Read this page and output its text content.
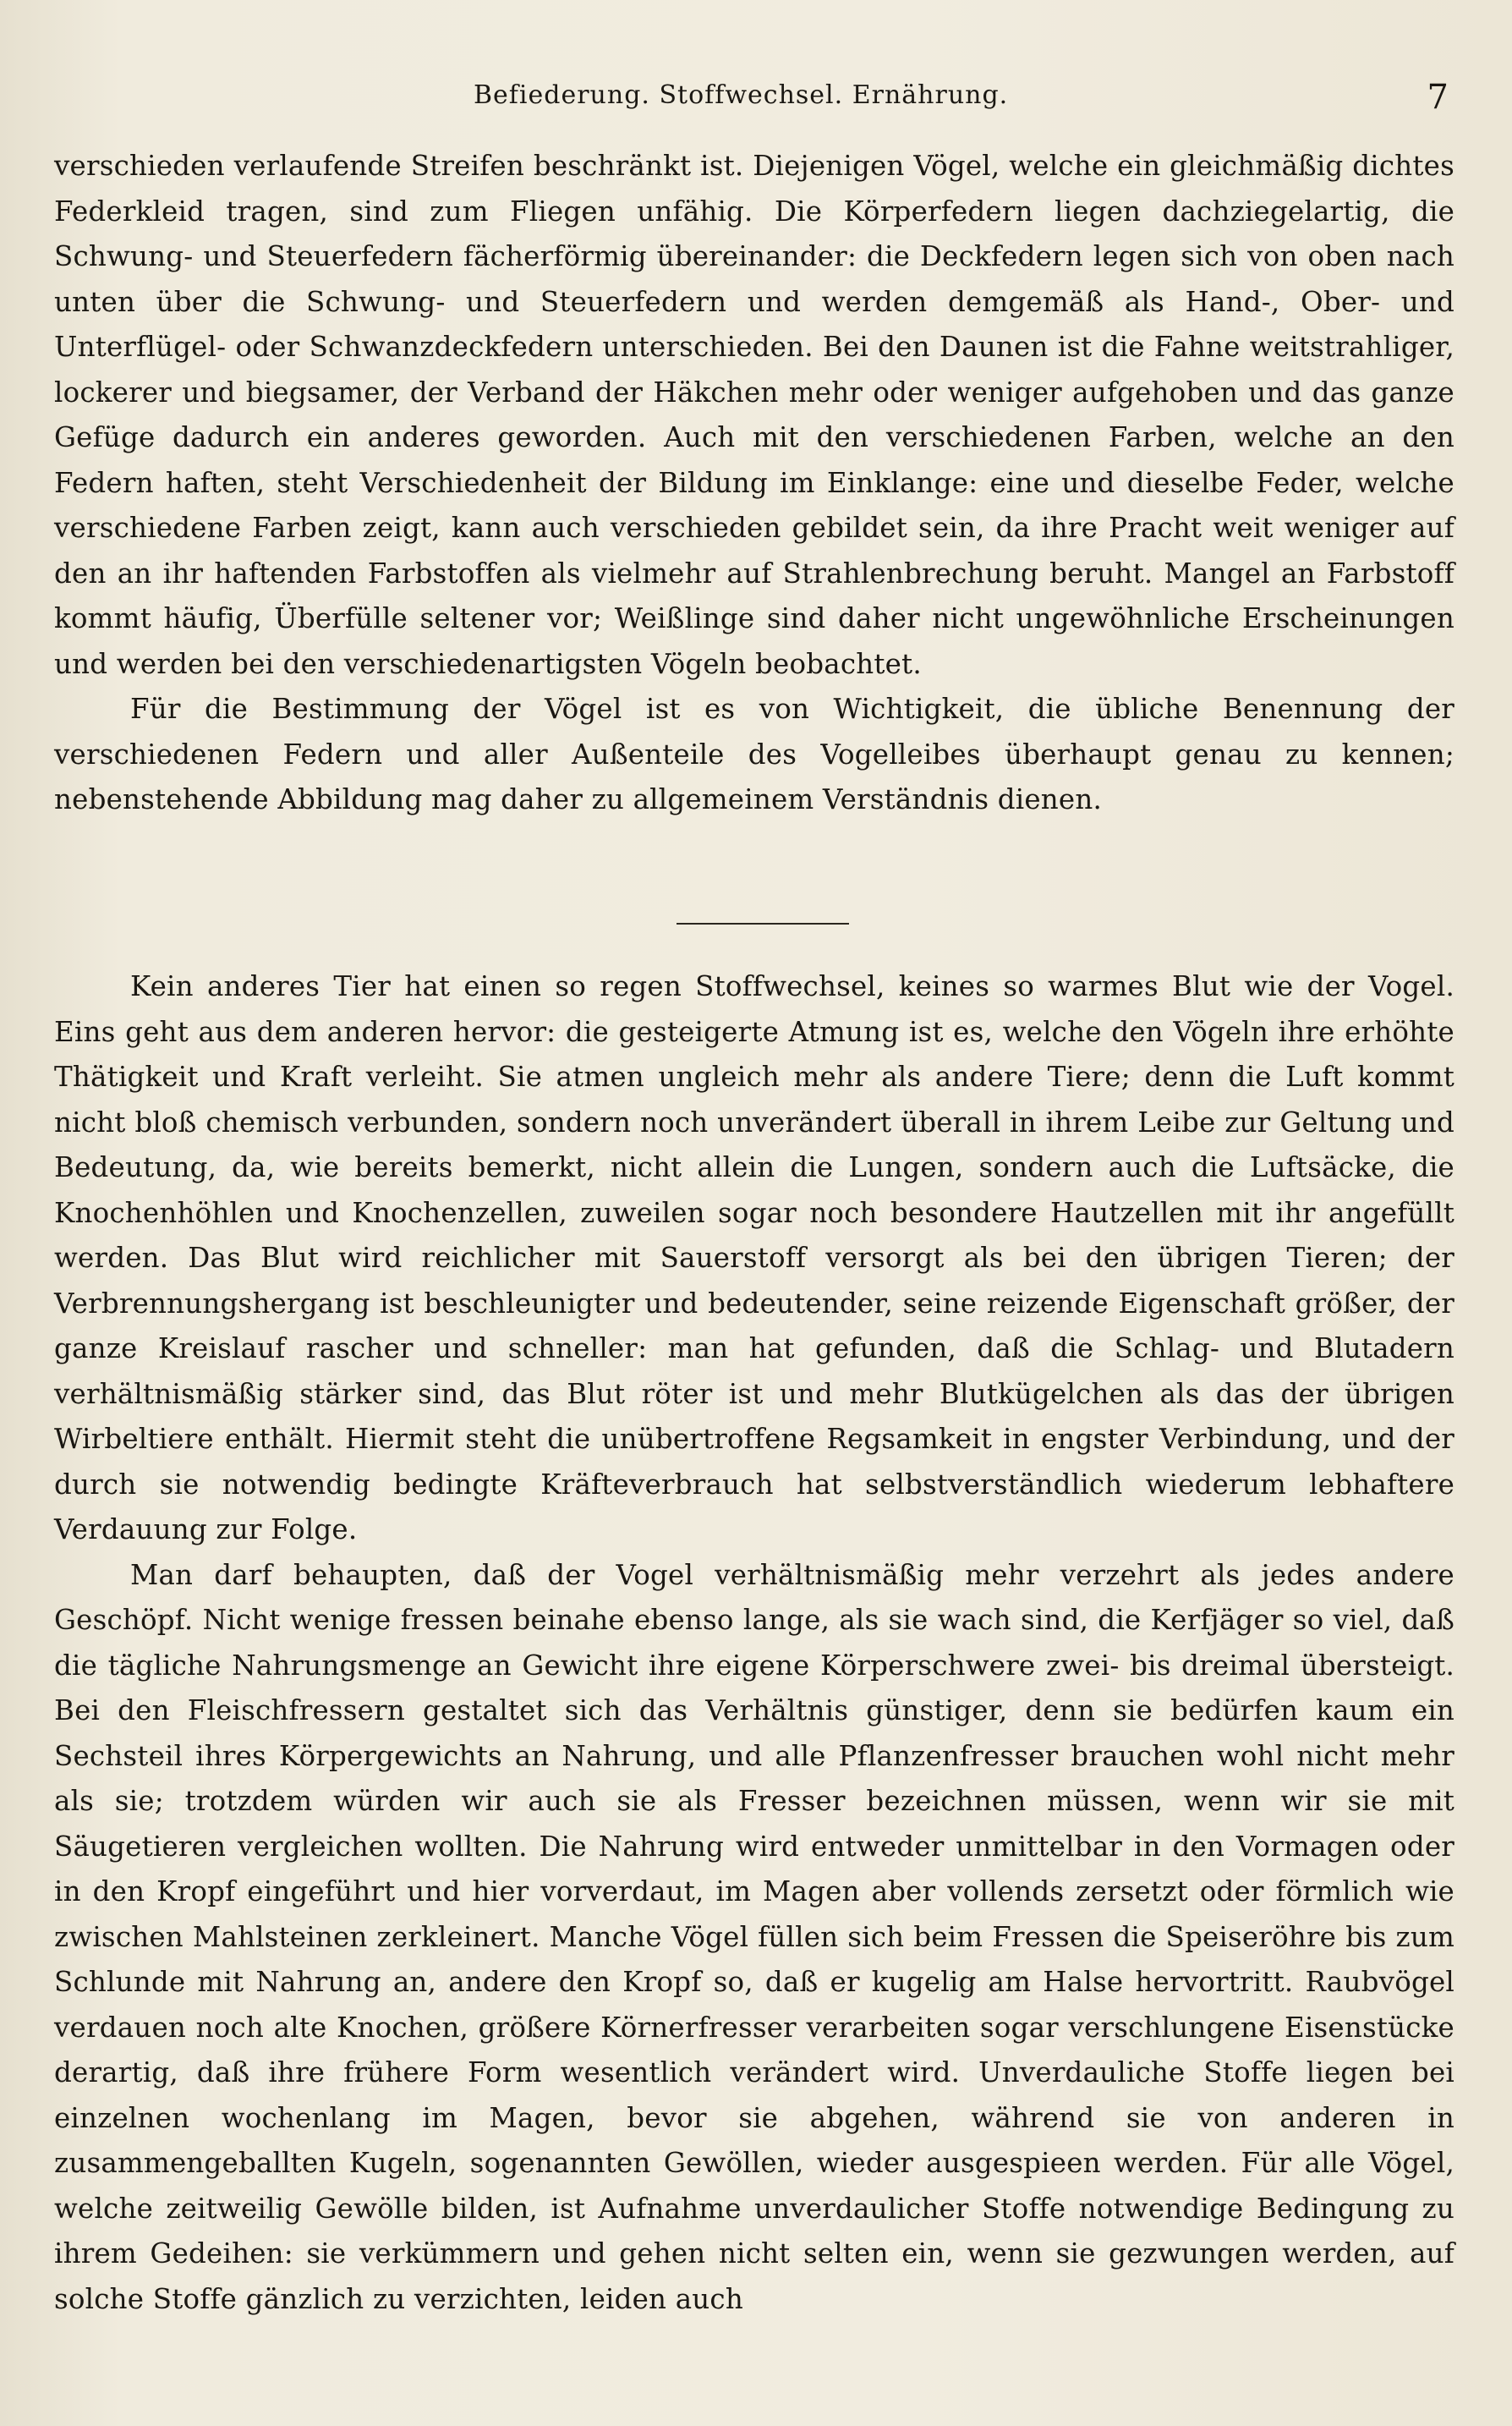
Befiederung. Stoffwechsel. Ernährung.	7

verschieden verlaufende Streifen beschränkt ist. Diejenigen Vögel, welche ein gleichmäßig dichtes Federkleid tragen, sind zum Fliegen unfähig. Die Körperfedern liegen dachziegelartig, die Schwung- und Steuerfedern fächerförmig übereinander: die Deckfedern legen sich von oben nach unten über die Schwung- und Steuerfedern und werden demgemäß als Hand-, Ober- und Unterflügel- oder Schwanzdeckfedern unterschieden. Bei den Daunen ist die Fahne weitstrahliger, lockerer und biegsamer, der Verband der Häkchen mehr oder weniger aufgehoben und das ganze Gefüge dadurch ein anderes geworden. Auch mit den verschiedenen Farben, welche an den Federn haften, steht Verschiedenheit der Bildung im Einklange: eine und dieselbe Feder, welche verschiedene Farben zeigt, kann auch verschieden gebildet sein, da ihre Pracht weit weniger auf den an ihr haftenden Farbstoffen als vielmehr auf Strahlenbrechung beruht. Mangel an Farbstoff kommt häufig, Überfülle seltener vor; Weißlinge sind daher nicht ungewöhnliche Erscheinungen und werden bei den verschiedenartigsten Vögeln beobachtet.

Für die Bestimmung der Vögel ist es von Wichtigkeit, die übliche Benennung der verschiedenen Federn und aller Außenteile des Vogelleibes überhaupt genau zu kennen; nebenstehende Abbildung mag daher zu allgemeinem Verständnis dienen.

Kein anderes Tier hat einen so regen Stoffwechsel, keines so warmes Blut wie der Vogel. Eins geht aus dem anderen hervor: die gesteigerte Atmung ist es, welche den Vögeln ihre erhöhte Thätigkeit und Kraft verleiht. Sie atmen ungleich mehr als andere Tiere; denn die Luft kommt nicht bloß chemisch verbunden, sondern noch unverändert überall in ihrem Leibe zur Geltung und Bedeutung, da, wie bereits bemerkt, nicht allein die Lungen, sondern auch die Luftsäcke, die Knochenhöhlen und Knochenzellen, zuweilen sogar noch besondere Hautzellen mit ihr angefüllt werden. Das Blut wird reichlicher mit Sauerstoff versorgt als bei den übrigen Tieren; der Verbrennungshergang ist beschleunigter und bedeutender, seine reizende Eigenschaft größer, der ganze Kreislauf rascher und schneller: man hat gefunden, daß die Schlag- und Blutadern verhältnismäßig stärker sind, das Blut röter ist und mehr Blutkügelchen als das der übrigen Wirbeltiere enthält. Hiermit steht die unübertroffene Regsamkeit in engster Verbindung, und der durch sie notwendig bedingte Kräfteverbrauch hat selbstverständlich wiederum lebhaftere Verdauung zur Folge.

Man darf behaupten, daß der Vogel verhältnismäßig mehr verzehrt als jedes andere Geschöpf. Nicht wenige fressen beinahe ebenso lange, als sie wach sind, die Kerfjäger so viel, daß die tägliche Nahrungsmenge an Gewicht ihre eigene Körperschwere zwei- bis dreimal übersteigt. Bei den Fleischfressern gestaltet sich das Verhältnis günstiger, denn sie bedürfen kaum ein Sechsteil ihres Körpergewichts an Nahrung, und alle Pflanzenfresser brauchen wohl nicht mehr als sie; trotzdem würden wir auch sie als Fresser bezeichnen müssen, wenn wir sie mit Säugetieren vergleichen wollten. Die Nahrung wird entweder unmittelbar in den Vormagen oder in den Kropf eingeführt und hier vorverdaut, im Magen aber vollends zersetzt oder förmlich wie zwischen Mahlsteinen zerkleinert. Manche Vögel füllen sich beim Fressen die Speiseröhre bis zum Schlunde mit Nahrung an, andere den Kropf so, daß er kugelig am Halse hervortritt. Raubvögel verdauen noch alte Knochen, größere Körnerfresser verarbeiten sogar verschlungene Eisenstücke derartig, daß ihre frühere Form wesentlich verändert wird. Unverdauliche Stoffe liegen bei einzelnen wochenlang im Magen, bevor sie abgehen, während sie von anderen in zusammengeballten Kugeln, sogenannten Gewöllen, wieder ausgespieen werden. Für alle Vögel, welche zeitweilig Gewölle bilden, ist Aufnahme unverdaulicher Stoffe notwendige Bedingung zu ihrem Gedeihen: sie verkümmern und gehen nicht selten ein, wenn sie gezwungen werden, auf solche Stoffe gänzlich zu verzichten, leiden auch
